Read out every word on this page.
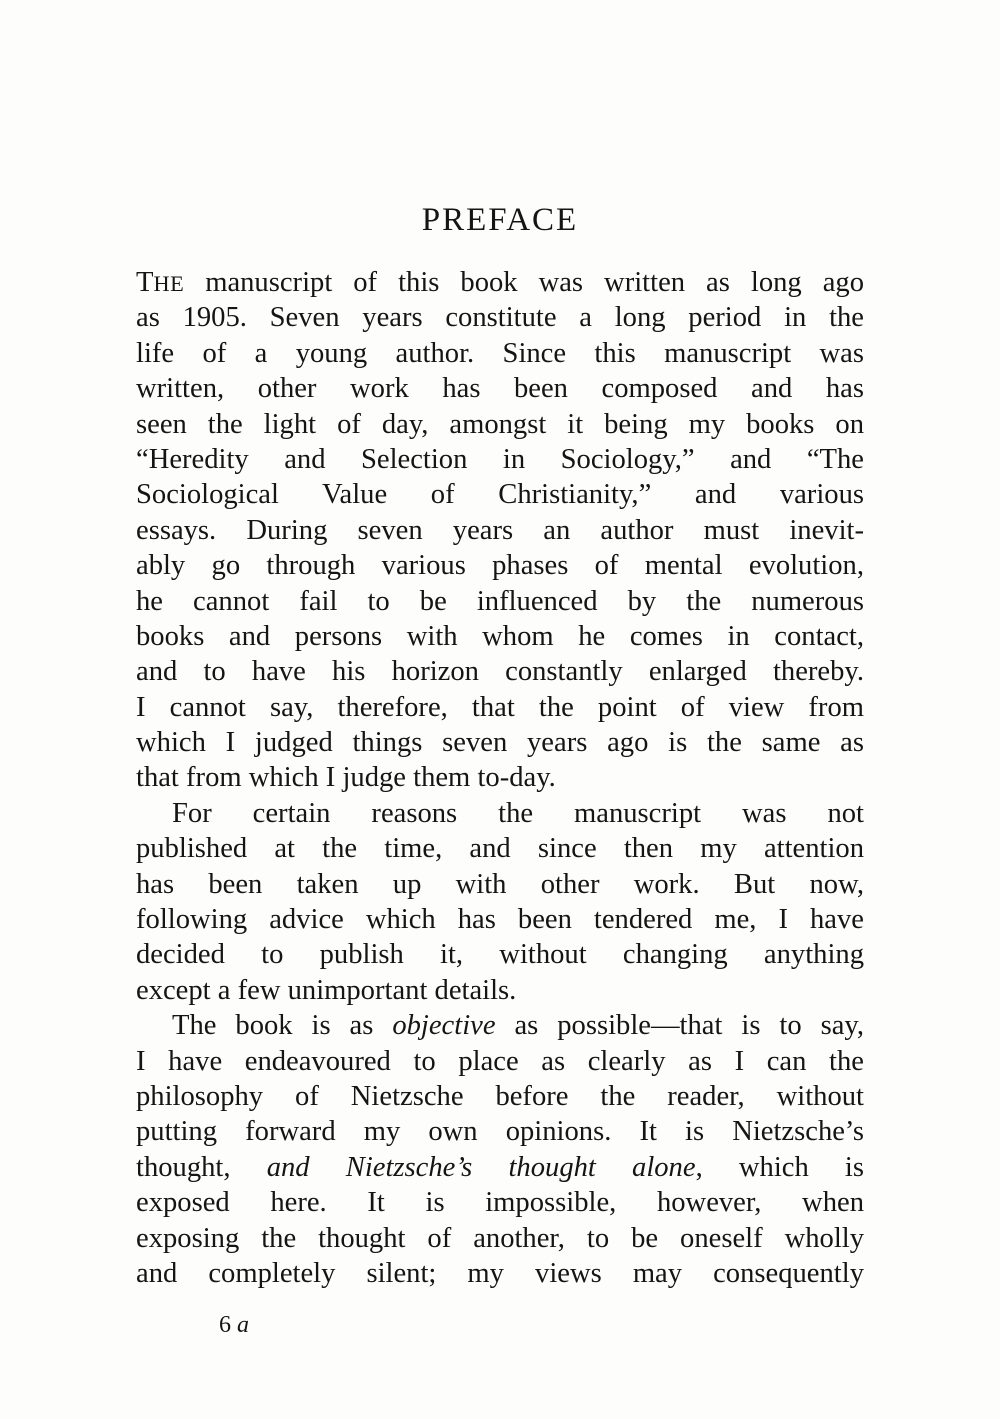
PREFACE
THE manuscript of this book was written as long ago
as 1905. Seven years constitute a long period in the
life of a young author. Since this manuscript was
written, other work has been composed and has
seen the light of day, amongst it being my books on
“Heredity and Selection in Sociology,” and “The
Sociological Value of Christianity,” and various
essays. During seven years an author must inevit-
ably go through various phases of mental evolution,
he cannot fail to be influenced by the numerous
books and persons with whom he comes in contact,
and to have his horizon constantly enlarged thereby.
I cannot say, therefore, that the point of view from
which I judged things seven years ago is the same as
that from which I judge them to-day.
For certain reasons the manuscript was not
published at the time, and since then my attention
has been taken up with other work. But now,
following advice which has been tendered me, I have
decided to publish it, without changing anything
except a few unimportant details.
The book is as objective as possible—that is to say,
I have endeavoured to place as clearly as I can the
philosophy of Nietzsche before the reader, without
putting forward my own opinions. It is Nietzsche’s
thought, and Nietzsche’s thought alone, which is
exposed here. It is impossible, however, when
exposing the thought of another, to be oneself wholly
and completely silent; my views may consequently
6 a
